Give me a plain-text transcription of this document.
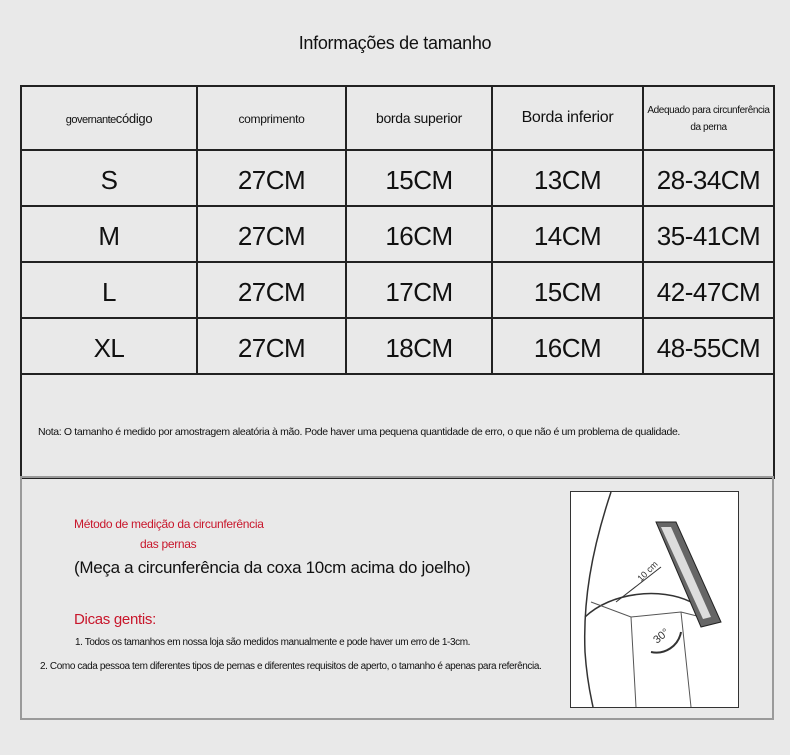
Informações de tamanho
governantecódigo	comprimento	borda superior	Borda inferior	Adequado para circunferência da perna
S	27CM	15CM	13CM	28-34CM
M	27CM	16CM	14CM	35-41CM
L	27CM	17CM	15CM	42-47CM
XL	27CM	18CM	16CM	48-55CM

Nota: O tamanho é medido por amostragem aleatória à mão. Pode haver uma pequena quantidade de erro, o que não é um problema de qualidade.				
Método de medição da circunferência
das pernas
(Meça a circunferência da coxa 10cm acima do joelho)
Dicas gentis:
1. Todos os tamanhos em nossa loja são medidos manualmente e pode haver um erro de 1-3cm.
2. Como cada pessoa tem diferentes tipos de pernas e diferentes requisitos de aperto, o tamanho é apenas para referência.
10 cm
30°
